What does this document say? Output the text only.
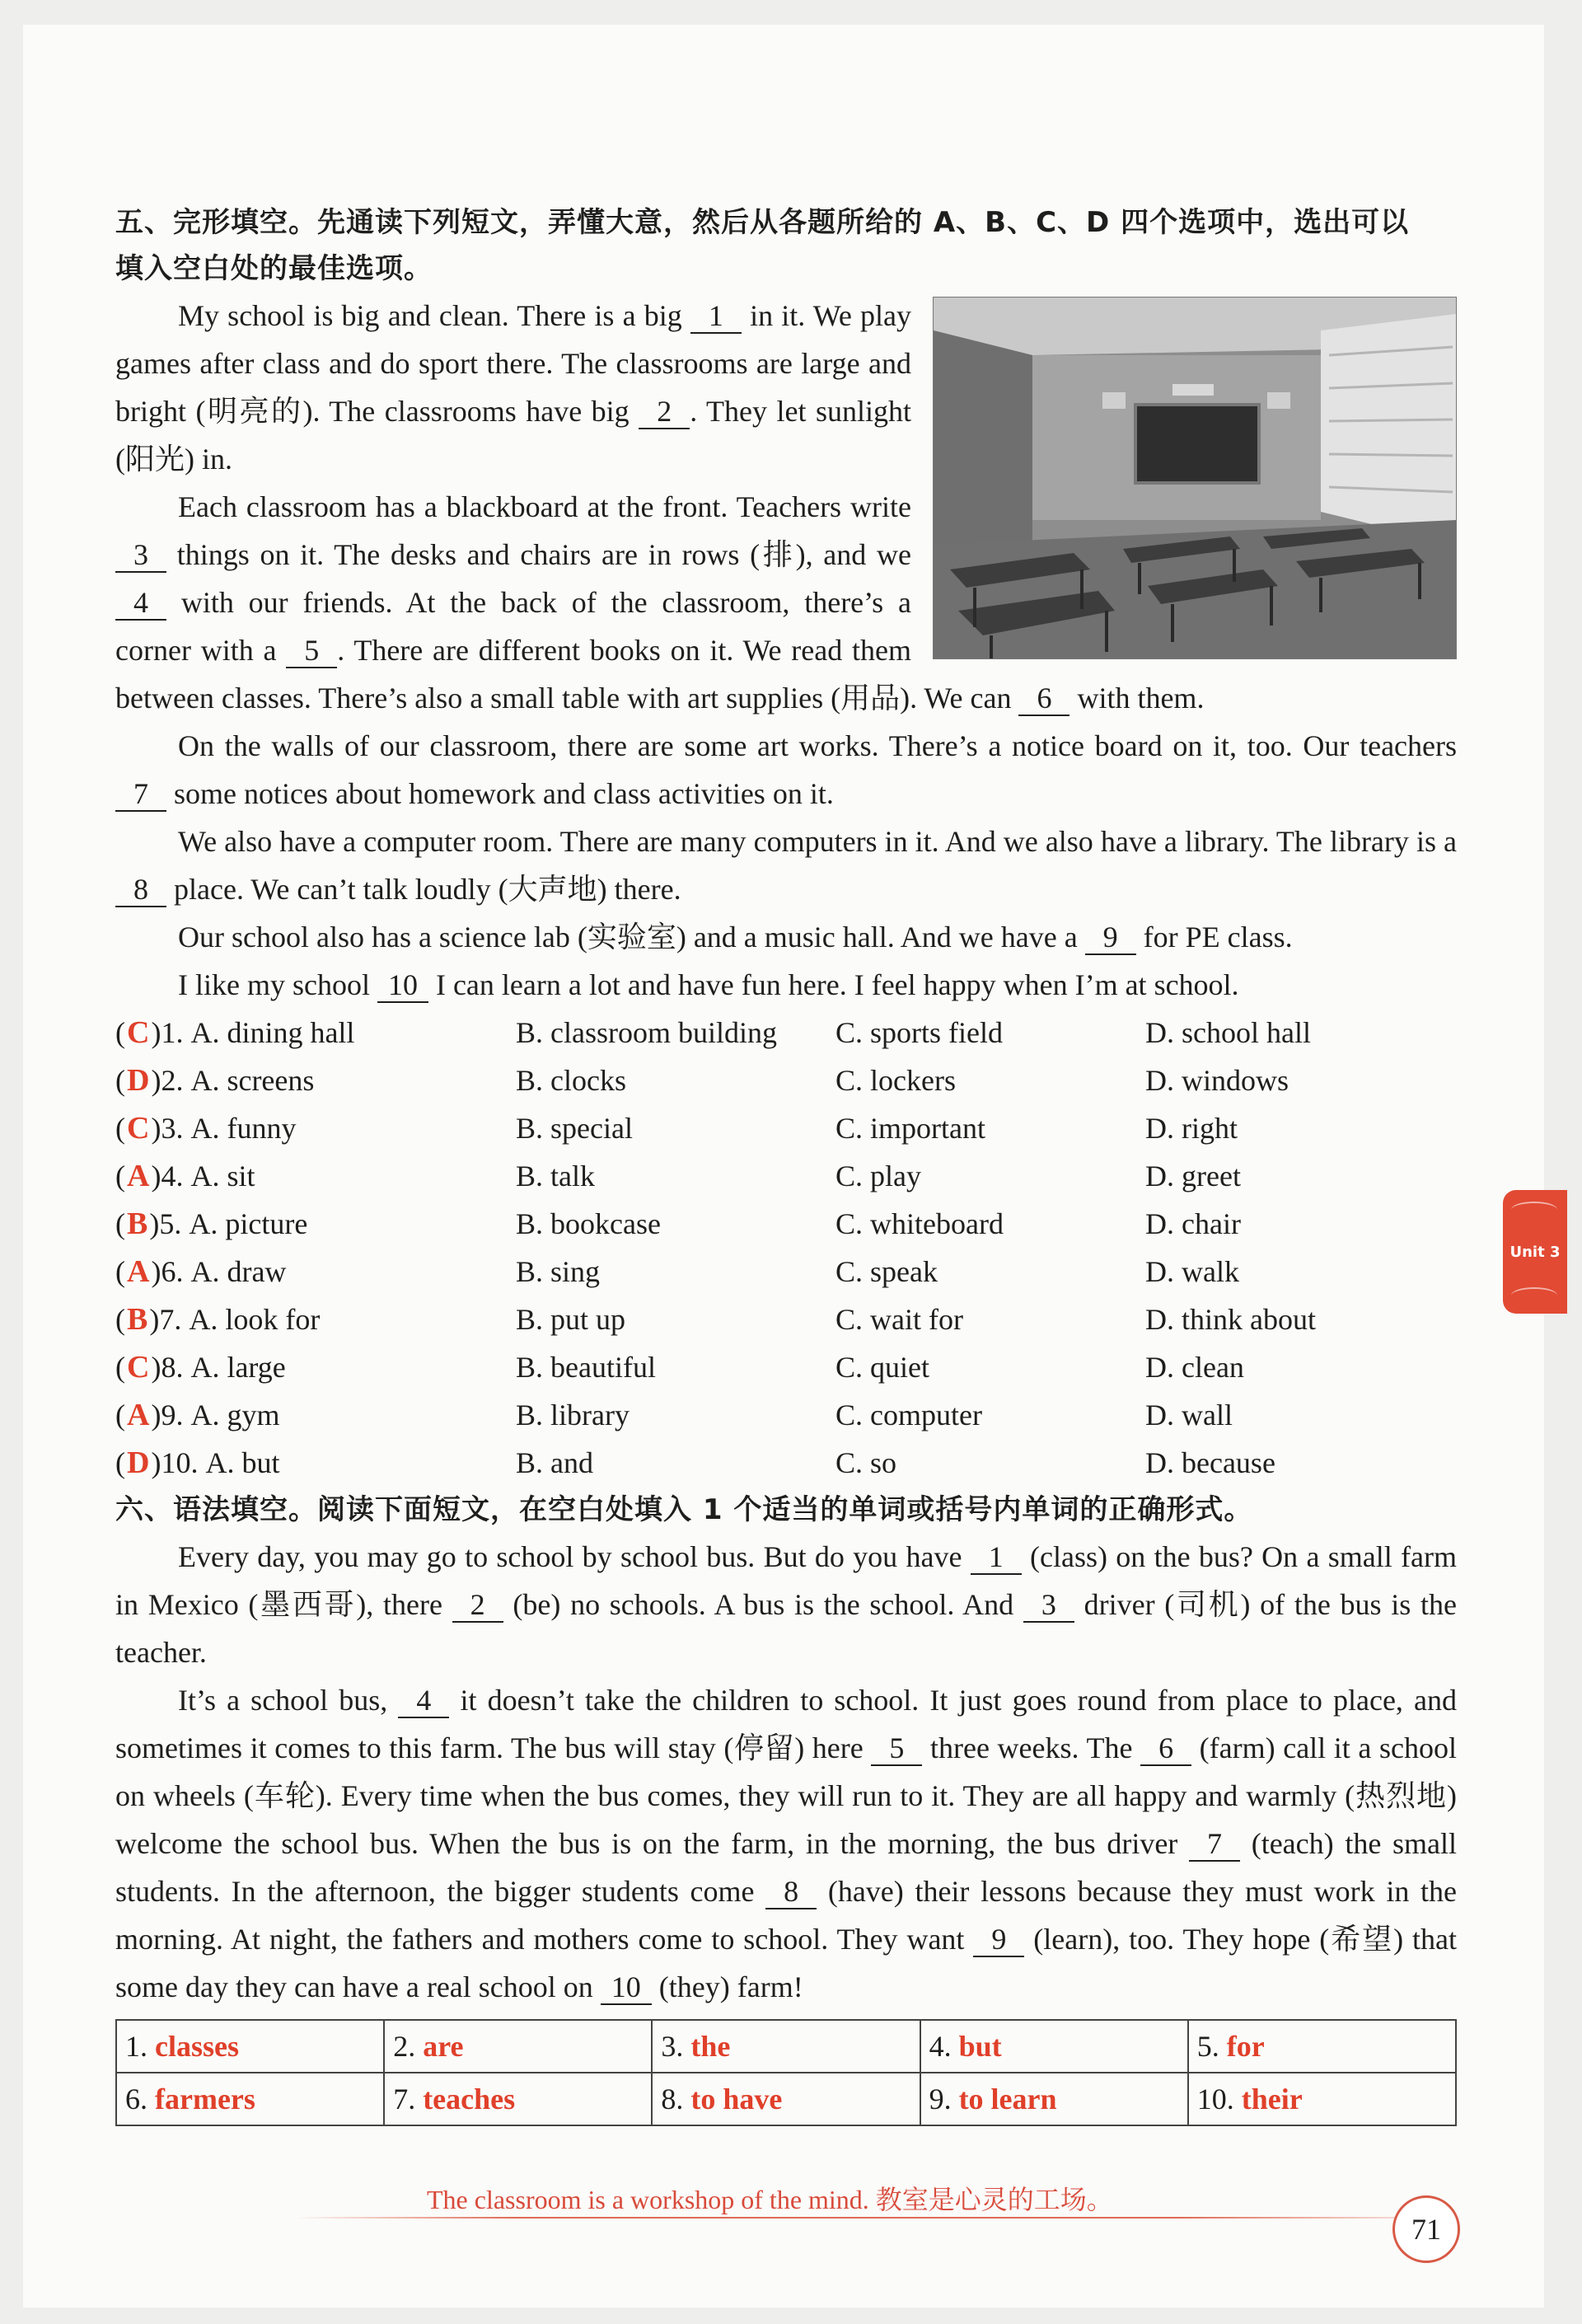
五、完形填空。先通读下列短文，弄懂大意，然后从各题所给的 A、B、C、D 四个选项中，选出可以
填入空白处的最佳选项。

My school is big and clean. There is a big 1 in it. We play games after class and do sport there. The classrooms are large and bright (明亮的). The classrooms have big 2 . They let sunlight (阳光) in.

Each classroom has a blackboard at the front. Teachers write 3 things on it. The desks and chairs are in rows (排), and we 4 with our friends. At the back of the classroom, there’s a corner with a 5 . There are different books on it. We read them between classes. There’s also a small table with art supplies (用品). We can 6 with them.

On the walls of our classroom, there are some art works. There’s a notice board on it, too. Our teachers 7 some notices about homework and class activities on it.

We also have a computer room. There are many computers in it. And we also have a library. The library is a 8 place. We can’t talk loudly (大声地) there.

Our school also has a science lab (实验室) and a music hall. And we have a 9 for PE class.

I like my school 10 I can learn a lot and have fun here. I feel happy when I’m at school.

( C ) 1.
A. dining hall	B. classroom building	C. sports field	D. school hall
( D ) 2.
A. screens	B. clocks	C. lockers	D. windows
( C ) 3.
A. funny	B. special	C. important	D. right
( A ) 4.
A. sit	B. talk	C. play	D. greet
( B ) 5.
A. picture	B. bookcase	C. whiteboard	D. chair
( A ) 6.
A. draw	B. sing	C. speak	D. walk
( B ) 7.
A. look for	B. put up	C. wait for	D. think about
( C ) 8.
A. large	B. beautiful	C. quiet	D. clean
( A ) 9.
A. gym	B. library	C. computer	D. wall
( D ) 10.
A. but	B. and	C. so	D. because
六、语法填空。阅读下面短文，在空白处填入 1 个适当的单词或括号内单词的正确形式。

Every day, you may go to school by school bus. But do you have 1 (class) on the bus? On a small farm in Mexico (墨西哥), there 2 (be) no schools. A bus is the school. And 3 driver (司机) of the bus is the teacher.

It’s a school bus, 4 it doesn’t take the children to school. It just goes round from place to place, and sometimes it comes to this farm. The bus will stay (停留) here 5 three weeks. The 6 (farm) call it a school on wheels (车轮). Every time when the bus comes, they will run to it. They are all happy and warmly (热烈地) welcome the school bus. When the bus is on the farm, in the morning, the bus driver 7 (teach) the small students. In the afternoon, the bigger students come 8 (have) their lessons because they must work in the morning. At night, the fathers and mothers come to school. They want 9 (learn), too. They hope (希望) that some day they can have a real school on 10 (they) farm!

1. classes	2. are	3. the	4. but	5. for
6. farmers	7. teaches	8. to have	9. to learn	10. their
Unit 3
The classroom is a workshop of the mind. 教室是心灵的工场。
71
